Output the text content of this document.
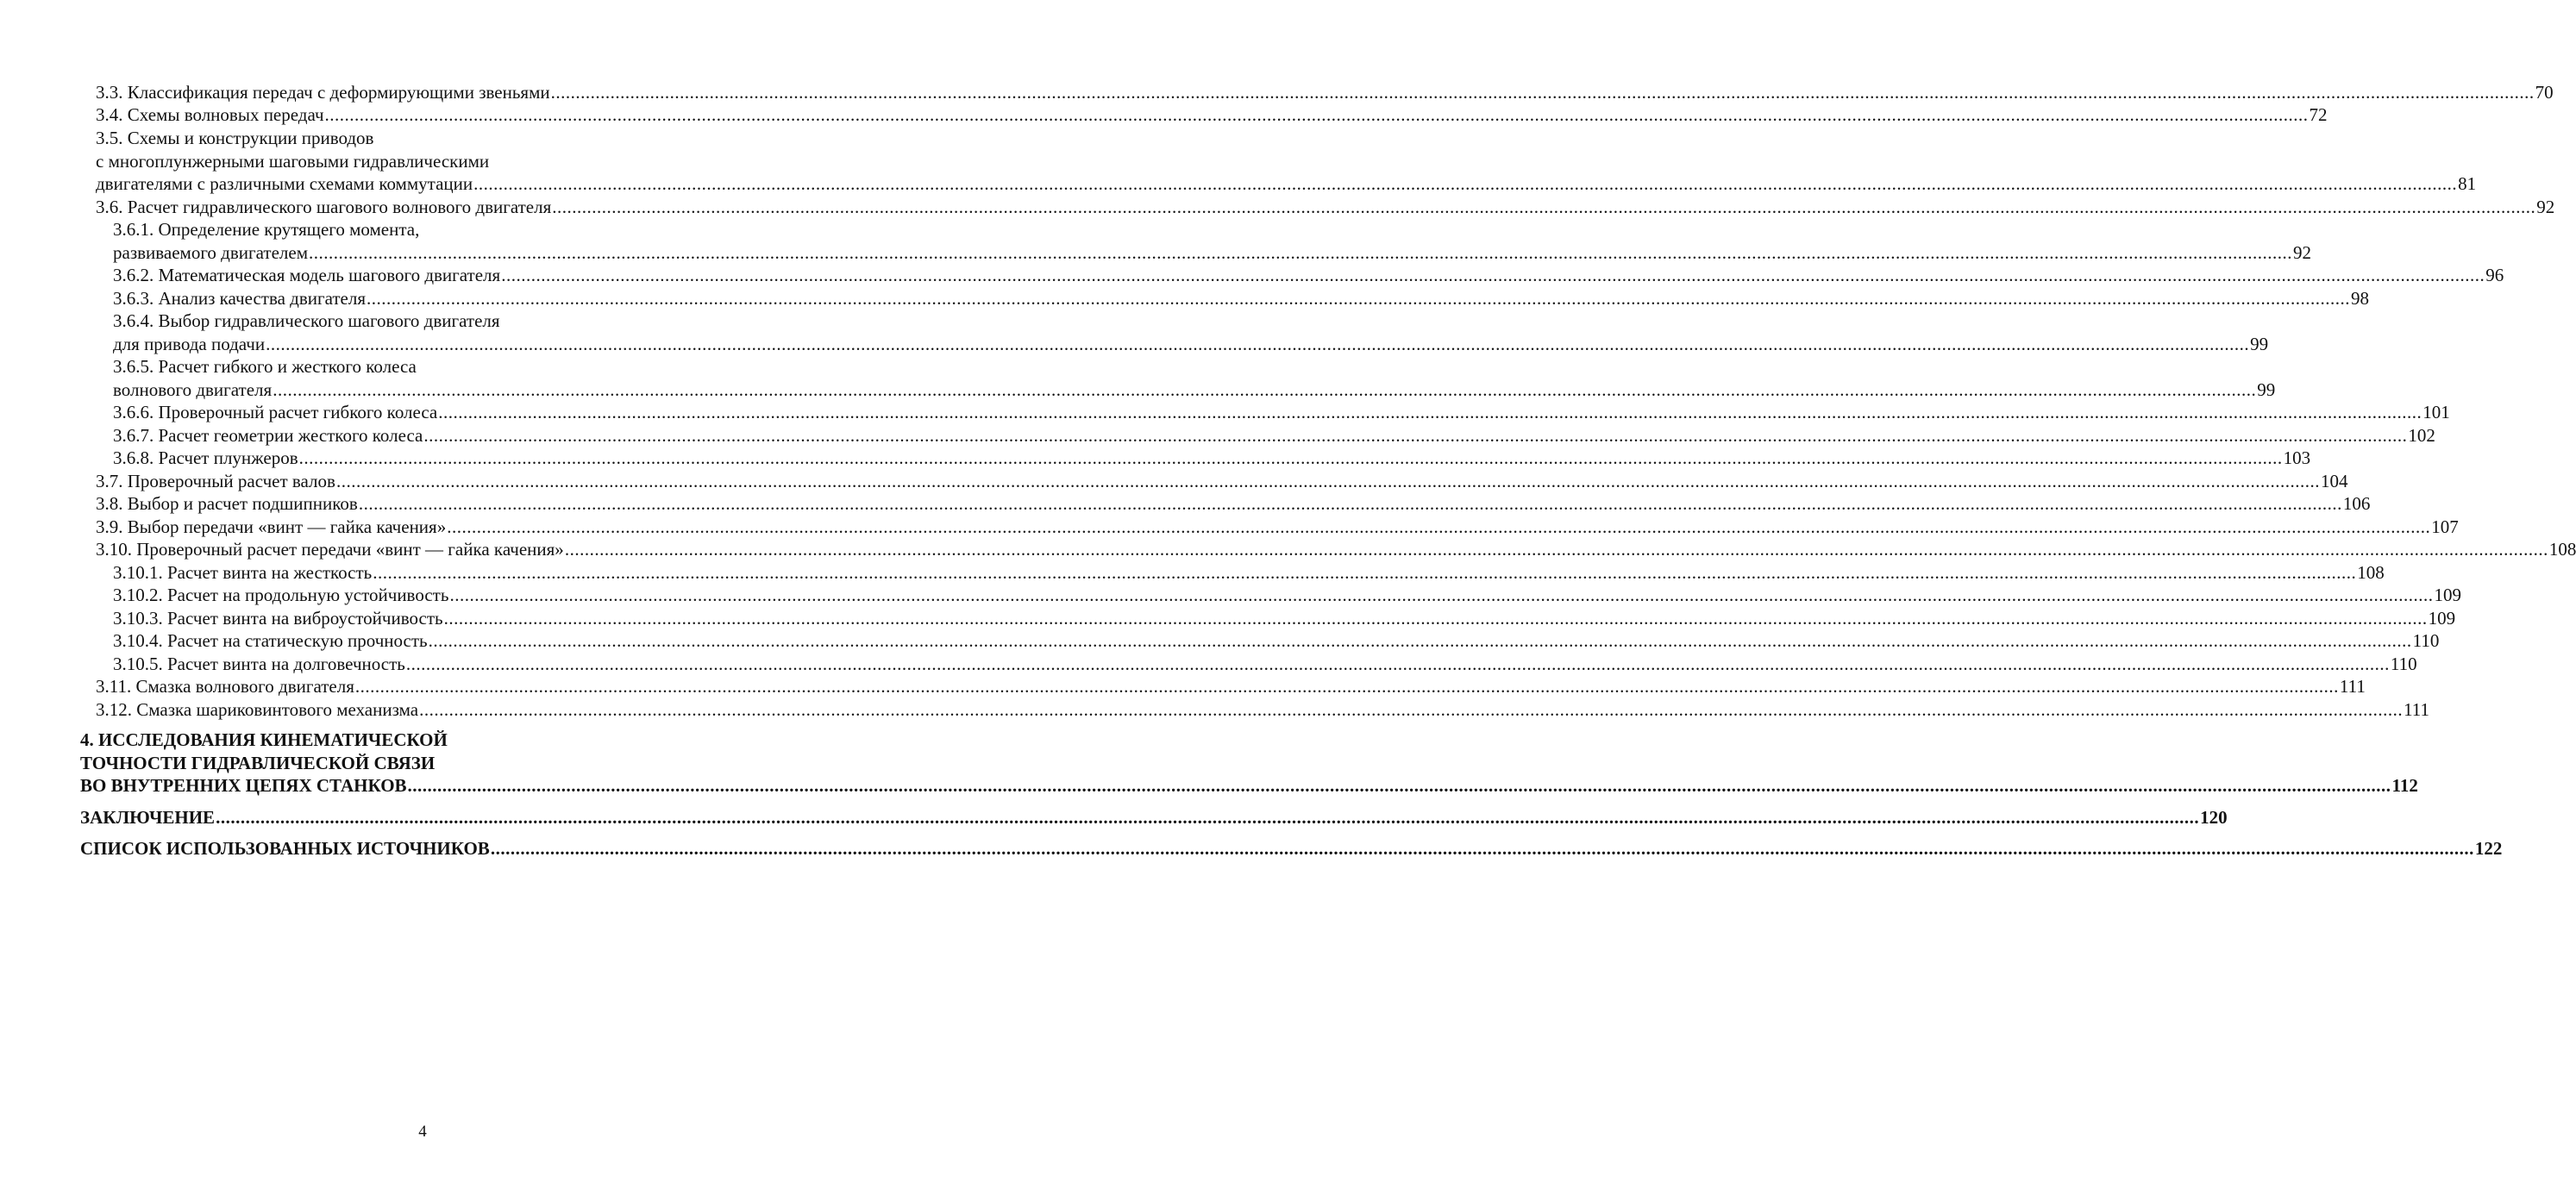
3.3. Классификация передач с деформирующими звеньями ................................................................................................................................................................................................................................................................................................................................................................................................................ 70
3.4. Схемы волновых передач ................................................................................................................................................................................................................................................................................................................................................................................................................ 72
3.5. Схемы и конструкции приводов
с многоплунжерными шаговыми гидравлическими
двигателями с различными схемами коммутации ................................................................................................................................................................................................................................................................................................................................................................................................................ 81
3.6. Расчет гидравлического шагового волнового двигателя ................................................................................................................................................................................................................................................................................................................................................................................................................ 92
3.6.1. Определение крутящего момента,
развиваемого двигателем ................................................................................................................................................................................................................................................................................................................................................................................................................ 92
3.6.2. Математическая модель шагового двигателя ................................................................................................................................................................................................................................................................................................................................................................................................................ 96
3.6.3. Анализ качества двигателя ................................................................................................................................................................................................................................................................................................................................................................................................................ 98
3.6.4. Выбор гидравлического шагового двигателя
для привода подачи ................................................................................................................................................................................................................................................................................................................................................................................................................ 99
3.6.5. Расчет гибкого и жесткого колеса
волнового двигателя ................................................................................................................................................................................................................................................................................................................................................................................................................ 99
3.6.6. Проверочный расчет гибкого колеса ................................................................................................................................................................................................................................................................................................................................................................................................................ 101
3.6.7. Расчет геометрии жесткого колеса ................................................................................................................................................................................................................................................................................................................................................................................................................ 102
3.6.8. Расчет плунжеров ................................................................................................................................................................................................................................................................................................................................................................................................................ 103
3.7. Проверочный расчет валов ................................................................................................................................................................................................................................................................................................................................................................................................................ 104
3.8. Выбор и расчет подшипников ................................................................................................................................................................................................................................................................................................................................................................................................................ 106
3.9. Выбор передачи «винт — гайка качения» ................................................................................................................................................................................................................................................................................................................................................................................................................ 107
3.10. Проверочный расчет передачи «винт — гайка качения» ................................................................................................................................................................................................................................................................................................................................................................................................................ 108
3.10.1. Расчет винта на жесткость ................................................................................................................................................................................................................................................................................................................................................................................................................ 108
3.10.2. Расчет на продольную устойчивость ................................................................................................................................................................................................................................................................................................................................................................................................................ 109
3.10.3. Расчет винта на виброустойчивость ................................................................................................................................................................................................................................................................................................................................................................................................................ 109
3.10.4. Расчет на статическую прочность ................................................................................................................................................................................................................................................................................................................................................................................................................ 110
3.10.5. Расчет винта на долговечность ................................................................................................................................................................................................................................................................................................................................................................................................................ 110
3.11. Смазка волнового двигателя ................................................................................................................................................................................................................................................................................................................................................................................................................ 111
3.12. Смазка шариковинтового механизма ................................................................................................................................................................................................................................................................................................................................................................................................................ 111
4. ИССЛЕДОВАНИЯ КИНЕМАТИЧЕСКОЙ
ТОЧНОСТИ ГИДРАВЛИЧЕСКОЙ СВЯЗИ
ВО ВНУТРЕННИХ ЦЕПЯХ СТАНКОВ ................................................................................................................................................................................................................................................................................................................................................................................................................ 112
ЗАКЛЮЧЕНИЕ ................................................................................................................................................................................................................................................................................................................................................................................................................ 120
СПИСОК ИСПОЛЬЗОВАННЫХ ИСТОЧНИКОВ ................................................................................................................................................................................................................................................................................................................................................................................................................ 122
4
